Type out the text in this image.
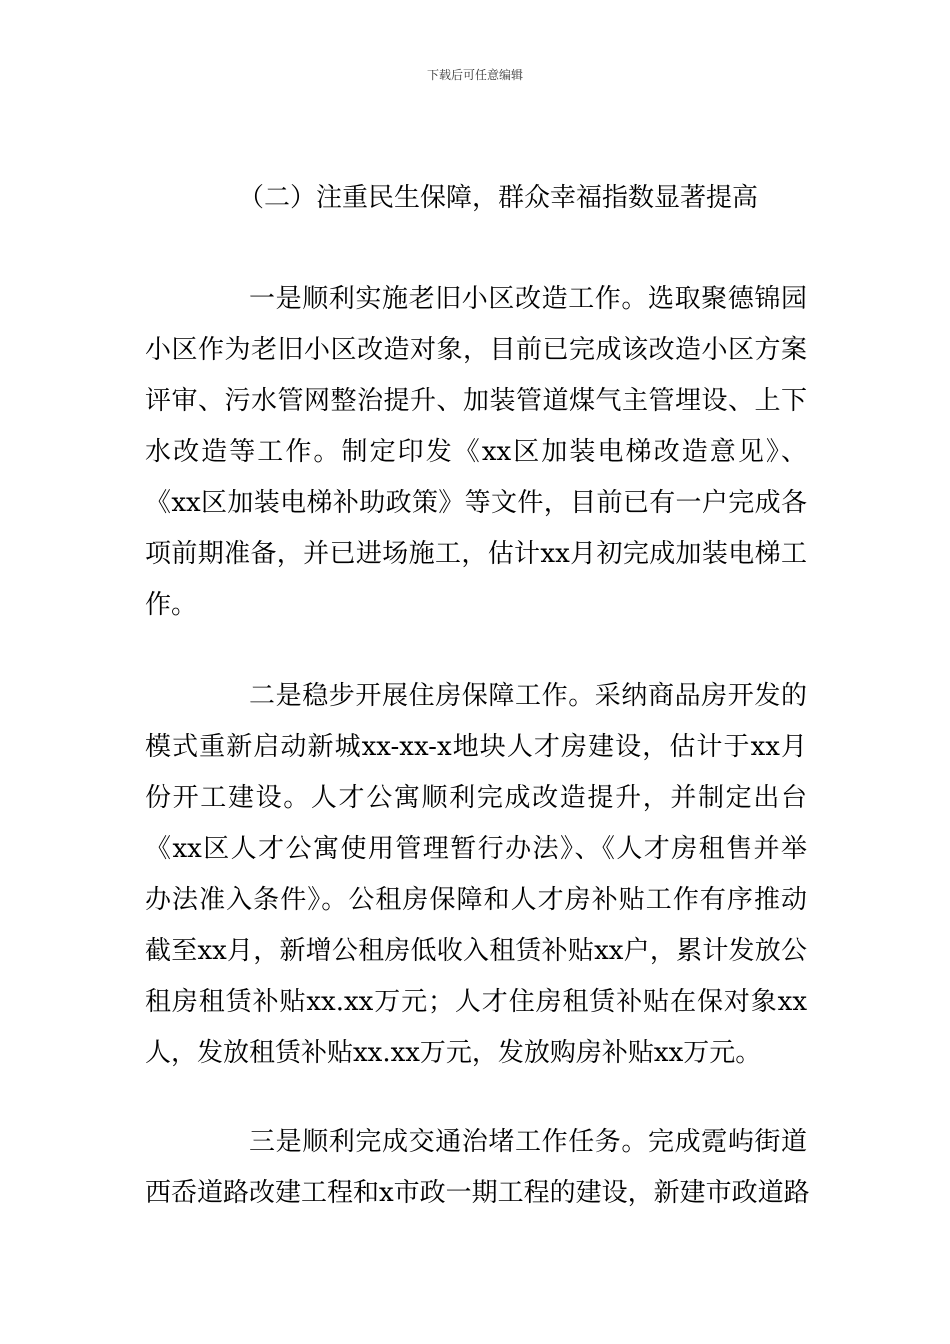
下载后可任意编辑
（二）注重民生保障，群众幸福指数显著提高
一是顺利实施老旧小区改造工作。选取聚德锦园
小区作为老旧小区改造对象，目前已完成该改造小区方案
评审、污水管网整治提升、加装管道煤气主管埋设、上下
水改造等工作。制定印发《xx区加装电梯改造意见》、
《xx区加装电梯补助政策》等文件，目前已有一户完成各
项前期准备，并已进场施工，估计xx月初完成加装电梯工
作。
二是稳步开展住房保障工作。采纳商品房开发的
模式重新启动新城xx-xx-x地块人才房建设，估计于xx月
份开工建设。人才公寓顺利完成改造提升，并制定出台
《xx区人才公寓使用管理暂行办法》、《人才房租售并举
办法准入条件》。公租房保障和人才房补贴工作有序推动
截至xx月，新增公租房低收入租赁补贴xx户，累计发放公
租房租赁补贴xx.xx万元；人才住房租赁补贴在保对象xx
人，发放租赁补贴xx.xx万元，发放购房补贴xx万元。
三是顺利完成交通治堵工作任务。完成霓屿街道
西岙道路改建工程和x市政一期工程的建设，新建市政道路
